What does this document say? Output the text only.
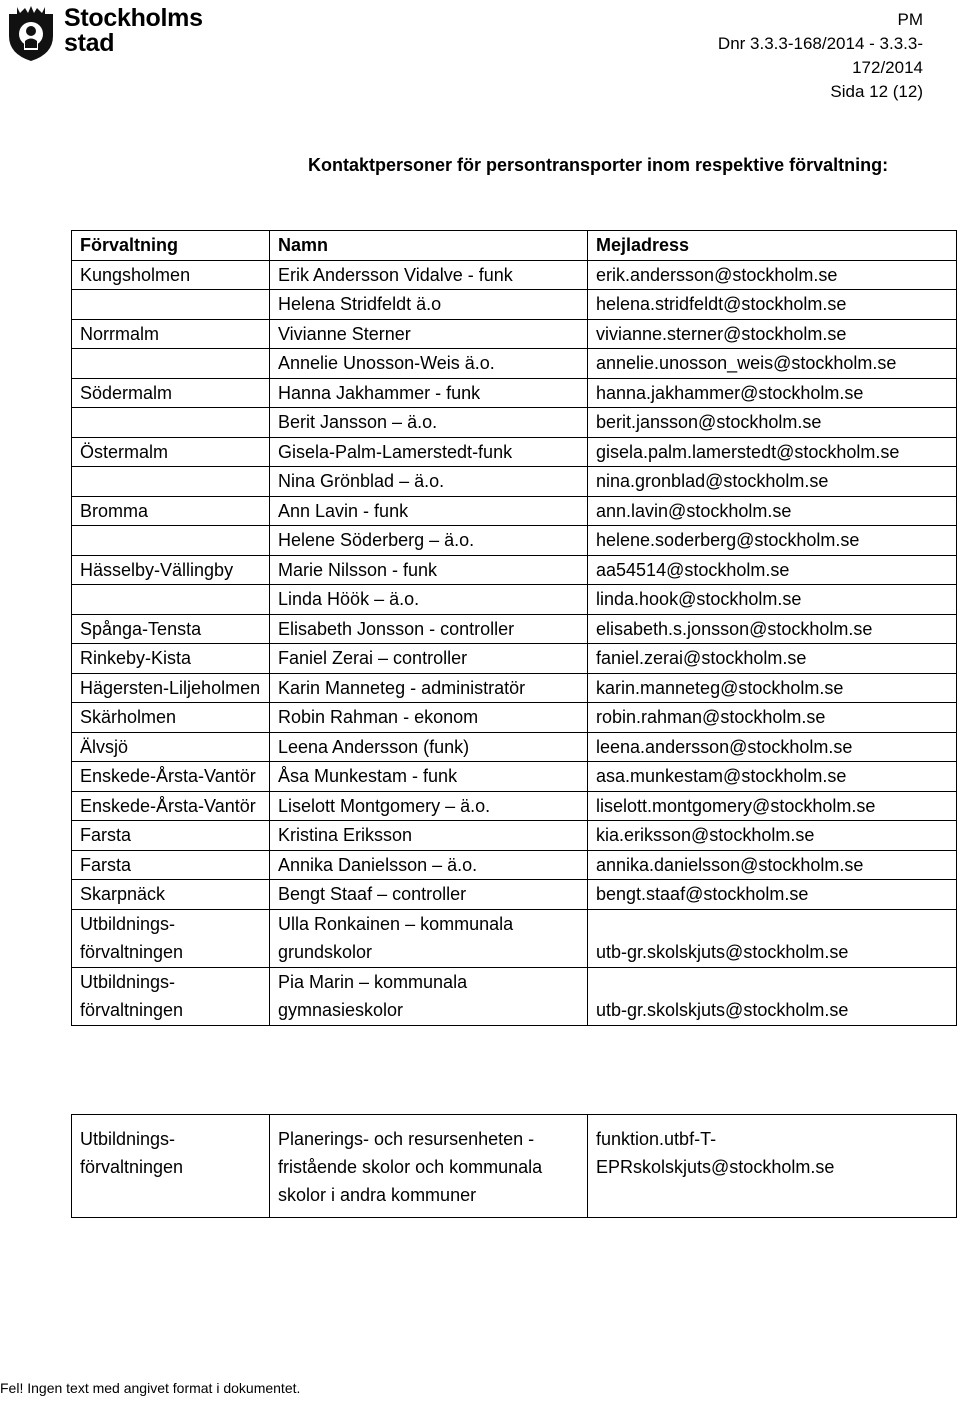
Stockholms
stad
PM
Dnr 3.3.3-168/2014 - 3.3.3-
172/2014
Sida 12 (12)
Kontaktpersoner för persontransporter inom respektive förvaltning:
Förvaltning	Namn	Mejladress
Kungsholmen	Erik Andersson Vidalve - funk	erik.andersson@stockholm.se
	Helena Stridfeldt ä.o	helena.stridfeldt@stockholm.se
Norrmalm	Vivianne Sterner	vivianne.sterner@stockholm.se
	Annelie Unosson-Weis ä.o.	annelie.unosson_weis@stockholm.se
Södermalm	Hanna Jakhammer - funk	hanna.jakhammer@stockholm.se
	Berit Jansson – ä.o.	berit.jansson@stockholm.se
Östermalm	Gisela-Palm-Lamerstedt-funk	gisela.palm.lamerstedt@stockholm.se
	Nina Grönblad – ä.o.	nina.gronblad@stockholm.se
Bromma	Ann Lavin - funk	ann.lavin@stockholm.se
	Helene Söderberg – ä.o.	helene.soderberg@stockholm.se
Hässelby-Vällingby	Marie Nilsson - funk	aa54514@stockholm.se
	Linda Höök – ä.o.	linda.hook@stockholm.se
Spånga-Tensta	Elisabeth Jonsson - controller	elisabeth.s.jonsson@stockholm.se
Rinkeby-Kista	Faniel Zerai – controller	faniel.zerai@stockholm.se
Hägersten-Liljeholmen	Karin Manneteg - administratör	karin.manneteg@stockholm.se
Skärholmen	Robin Rahman - ekonom	robin.rahman@stockholm.se
Älvsjö	Leena Andersson (funk)	leena.andersson@stockholm.se
Enskede-Årsta-Vantör	Åsa Munkestam - funk	asa.munkestam@stockholm.se
Enskede-Årsta-Vantör	Liselott Montgomery – ä.o.	liselott.montgomery@stockholm.se
Farsta	Kristina Eriksson	kia.eriksson@stockholm.se
Farsta	Annika Danielsson – ä.o.	annika.danielsson@stockholm.se
Skarpnäck	Bengt Staaf – controller	bengt.staaf@stockholm.se
Utbildnings-förvaltningen	Ulla Ronkainen – kommunala grundskolor	utb-gr.skolskjuts@stockholm.se
Utbildnings-förvaltningen	Pia Marin – kommunala gymnasieskolor	utb-gr.skolskjuts@stockholm.se
Utbildnings-förvaltningen	Planerings- och resursenheten - fristående skolor och kommunala skolor i andra kommuner	funktion.utbf-T-EPRskolskjuts@stockholm.se
Fel! Ingen text med angivet format i dokumentet.
